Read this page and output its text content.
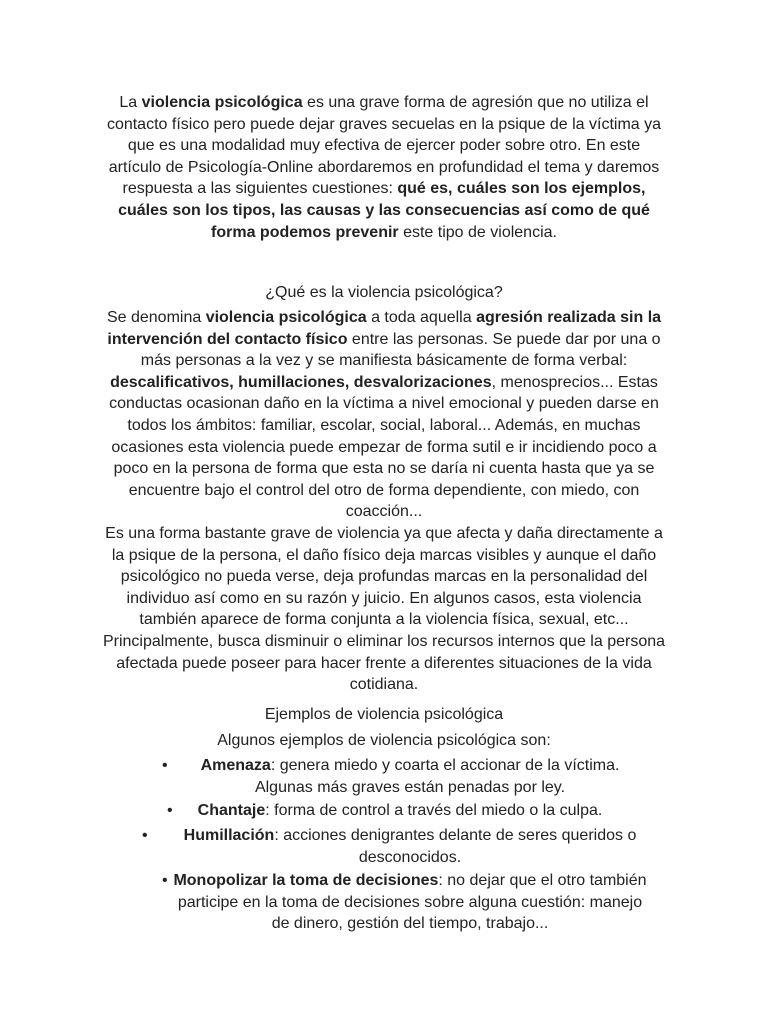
La violencia psicológica es una grave forma de agresión que no utiliza el contacto físico pero puede dejar graves secuelas en la psique de la víctima ya que es una modalidad muy efectiva de ejercer poder sobre otro. En este artículo de Psicología-Online abordaremos en profundidad el tema y daremos respuesta a las siguientes cuestiones: qué es, cuáles son los ejemplos, cuáles son los tipos, las causas y las consecuencias así como de qué forma podemos prevenir este tipo de violencia.
¿Qué es la violencia psicológica?

Se denomina violencia psicológica a toda aquella agresión realizada sin la intervención del contacto físico entre las personas. Se puede dar por una o más personas a la vez y se manifiesta básicamente de forma verbal: descalificativos, humillaciones, desvalorizaciones, menosprecios... Estas conductas ocasionan daño en la víctima a nivel emocional y pueden darse en todos los ámbitos: familiar, escolar, social, laboral... Además, en muchas ocasiones esta violencia puede empezar de forma sutil e ir incidiendo poco a poco en la persona de forma que esta no se daría ni cuenta hasta que ya se encuentre bajo el control del otro de forma dependiente, con miedo, con coacción...

Es una forma bastante grave de violencia ya que afecta y daña directamente a la psique de la persona, el daño físico deja marcas visibles y aunque el daño psicológico no pueda verse, deja profundas marcas en la personalidad del individuo así como en su razón y juicio. En algunos casos, esta violencia también aparece de forma conjunta a la violencia física, sexual, etc... Principalmente, busca disminuir o eliminar los recursos internos que la persona afectada puede poseer para hacer frente a diferentes situaciones de la vida cotidiana.

Ejemplos de violencia psicológica
Algunos ejemplos de violencia psicológica son:
• Amenaza: genera miedo y coarta el accionar de la víctima. Algunas más graves están penadas por ley.
• Chantaje: forma de control a través del miedo o la culpa.
• Humillación: acciones denigrantes delante de seres queridos o desconocidos.
• Monopolizar la toma de decisiones: no dejar que el otro también participe en la toma de decisiones sobre alguna cuestión: manejo de dinero, gestión del tiempo, trabajo...
